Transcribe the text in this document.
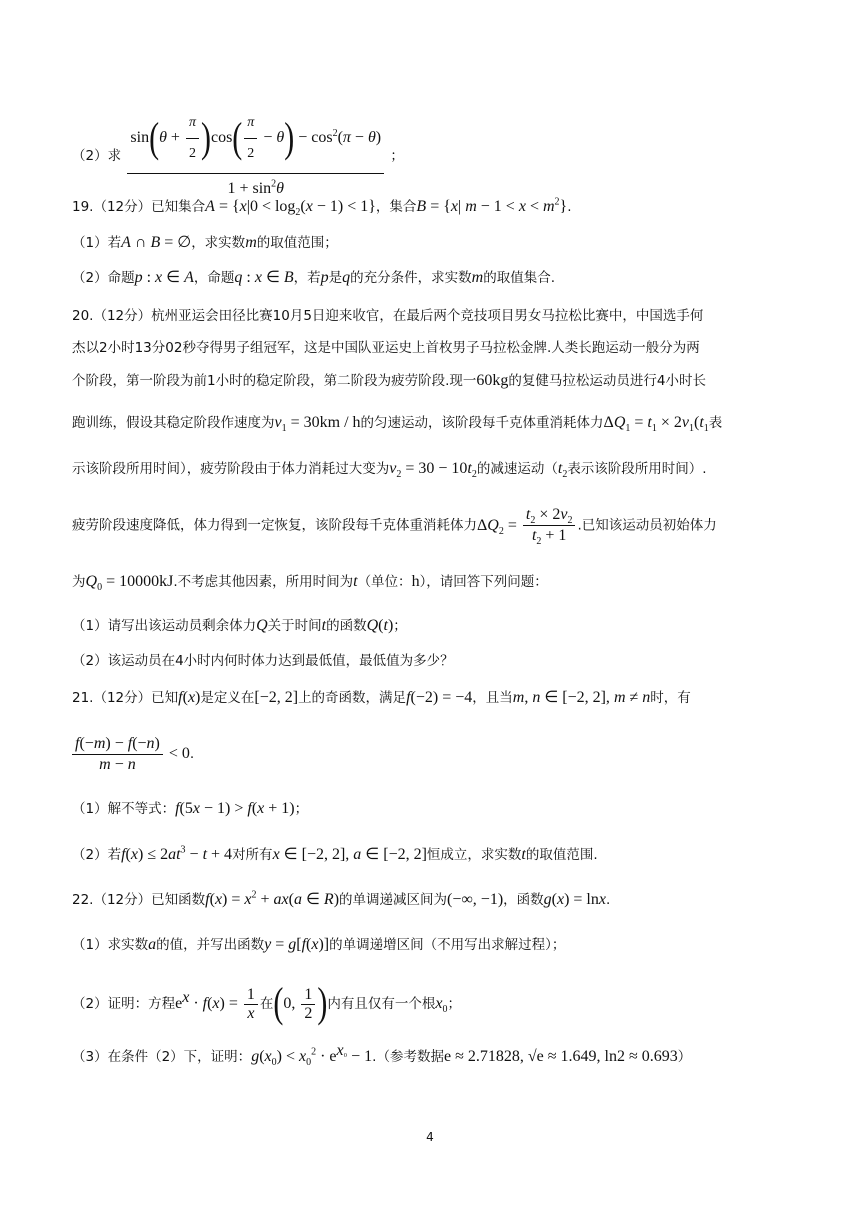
（2）求 $\frac{\sin(\theta + \frac{\pi}{2} )\cos( \frac{\pi}{2} - \theta) - \cos^2(\pi - \theta)}{1 + \sin^2\theta}$ ；
19.（12分）已知集合$A = \{x|0 < \log_2(x - 1) < 1\}$，集合B = {x| $m - 1 < x < m^2$}.
（1）若A ∩ B = ∅，求实数m的取值范围；
（2）命题p : x ∈ A，命题q : x ∈ B，若p是q的充分条件，求实数m的取值集合.
20.（12分）杭州亚运会田径比赛10月5日迎来收官，在最后两个竞技项目男女马拉松比赛中，中国选手何
杰以2小时13分02秒夺得男子组冠军，这是中国队亚运史上首枚男子马拉松金牌.人类长跑运动一般分为两
个阶段，第一阶段为前1小时的稳定阶段，第二阶段为疲劳阶段.现一60kg的复健马拉松运动员进行4小时长
跑训练，假设其稳定阶段作速度为$v_1 = 30km / h$的匀速运动，该阶段每千克体重消耗体力$\Delta Q_1 = t_1 \times 2v_1(t_1$表
示该阶段所用时间），疲劳阶段由于体力消耗过大变为$v_2 = 30 - 10t_2$的减速运动（$t_2$表示该阶段所用时间）.
疲劳阶段速度降低，体力得到一定恢复，该阶段每千克体重消耗体力$\Delta Q_2 = \frac{t_2 \times 2v_2}{t_2 + 1}$ .已知该运动员初始体力
为$Q_0 = 10000kJ$.不考虑其他因素，所用时间为t（单位：h），请回答下列问题：
（1）请写出该运动员剩余体力Q关于时间t的函数Q(t)；
（2）该运动员在4小时内何时体力达到最低值，最低值为多少？
21.（12分）已知f(x)是定义在[−2, 2]上的奇函数，满足f(−2) = −4，且当m, n ∈ [−2, 2], m ≠ n时，有
$\frac{f(-m) - f(-n)}{m - n} < 0$.
（1）解不等式：f(5x − 1) > f(x + 1)；
（2）若$f(x) \le 2at^3 - t + 4$对所有x ∈ [−2, 2], a ∈ [−2, 2]恒成立，求实数t的取值范围.
22.（12分）已知函数$f(x) = x^2 + ax(a$ ∈ R)的单调递减区间为(−∞, −1)，函数g(x) = lnx.
（1）求实数a的值，并写出函数y = g[f(x)]的单调递增区间（不用写出求解过程）；
（2）证明：方程$e^x \cdot f(x) = \frac{1}{x}$ 在(0, $\frac{1}{2}$ )内有且仅有一个根$x_0$；
（3）在条件（2）下，证明：$g(x_0) < x_0^2 \cdot e^{x_0} - 1$.（参考数据e ≈ 2.71828, √e ≈ 1.649, ln2 ≈ 0.693）
4
